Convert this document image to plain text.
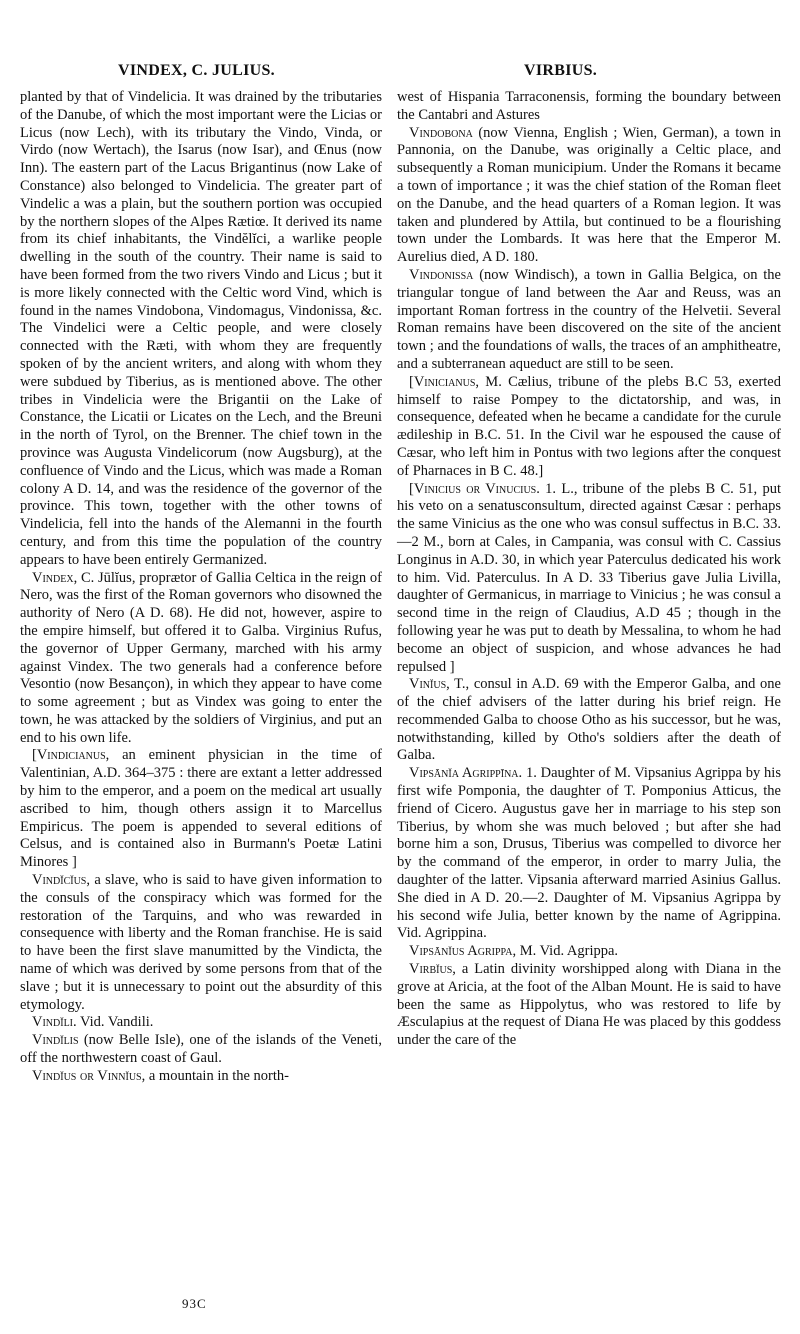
VINDEX, C. JULIUS.	VIRBIUS.

planted by that of Vindelicia. It was drained by the tributaries of the Danube, of which the most important were the Licias or Licus (now Lech), with its tributary the Vindo, Vinda, or Virdo (now Wertach), the Isarus (now Isar), and Œnus (now Inn). The eastern part of the Lacus Brigantinus (now Lake of Constance) also belonged to Vindelicia. The greater part of Vindelic a was a plain, but the southern portion was occupied by the northern slopes of the Alpes Rætiœ. It derived its name from its chief inhabitants, the Vindĕlĭci, a warlike people dwelling in the south of the country. Their name is said to have been formed from the two rivers Vindo and Licus ; but it is more likely connected with the Celtic word Vind, which is found in the names Vindobona, Vindomagus, Vindonissa, &c. The Vindelici were a Celtic people, and were closely connected with the Ræti, with whom they are frequently spoken of by the ancient writers, and along with whom they were subdued by Tiberius, as is mentioned above. The other tribes in Vindelicia were the Brigantii on the Lake of Constance, the Licatii or Licates on the Lech, and the Breuni in the north of Tyrol, on the Brenner. The chief town in the province was Augusta Vindelicorum (now Augsburg), at the confluence of Vindo and the Licus, which was made a Roman colony A D. 14, and was the residence of the governor of the province. This town, together with the other towns of Vindelicia, fell into the hands of the Alemanni in the fourth century, and from this time the population of the country appears to have been entirely Germanized.

Vindex, C. Jūlĭus, proprætor of Gallia Celtica in the reign of Nero, was the first of the Roman governors who disowned the authority of Nero (A D. 68). He did not, however, aspire to the empire himself, but offered it to Galba. Virginius Rufus, the governor of Upper Germany, marched with his army against Vindex. The two generals had a conference before Vesontio (now Besançon), in which they appear to have come to some agreement ; but as Vindex was going to enter the town, he was attacked by the soldiers of Virginius, and put an end to his own life.

[Vindicianus, an eminent physician in the time of Valentinian, A.D. 364–375 : there are extant a letter addressed by him to the emperor, and a poem on the medical art usually ascribed to him, though others assign it to Marcellus Empiricus. The poem is appended to several editions of Celsus, and is contained also in Burmann's Poetæ Latini Minores ]

Vindĭcĭus, a slave, who is said to have given information to the consuls of the conspiracy which was formed for the restoration of the Tarquins, and who was rewarded in consequence with liberty and the Roman franchise. He is said to have been the first slave manumitted by the Vindicta, the name of which was derived by some persons from that of the slave ; but it is unnecessary to point out the absurdity of this etymology.

Vindĭli. Vid. Vandili.

Vindĭlis (now Belle Isle), one of the islands of the Veneti, off the northwestern coast of Gaul.

Vindĭus or Vinnĭus, a mountain in the north-

west of Hispania Tarraconensis, forming the boundary between the Cantabri and Astures

Vindobona (now Vienna, English ; Wien, German), a town in Pannonia, on the Danube, was originally a Celtic place, and subsequently a Roman municipium. Under the Romans it became a town of importance ; it was the chief station of the Roman fleet on the Danube, and the head quarters of a Roman legion. It was taken and plundered by Attila, but continued to be a flourishing town under the Lombards. It was here that the Emperor M. Aurelius died, A D. 180.

Vindonissa (now Windisch), a town in Gallia Belgica, on the triangular tongue of land between the Aar and Reuss, was an important Roman fortress in the country of the Helvetii. Several Roman remains have been discovered on the site of the ancient town ; and the foundations of walls, the traces of an amphitheatre, and a subterranean aqueduct are still to be seen.

[Vinicianus, M. Cælius, tribune of the plebs B.C 53, exerted himself to raise Pompey to the dictatorship, and was, in consequence, defeated when he became a candidate for the curule ædileship in B.C. 51. In the Civil war he espoused the cause of Cæsar, who left him in Pontus with two legions after the conquest of Pharnaces in B C. 48.]

[Vinicius or Vinucius. 1. L., tribune of the plebs B C. 51, put his veto on a senatusconsultum, directed against Cæsar : perhaps the same Vinicius as the one who was consul suffectus in B.C. 33.—2 M., born at Cales, in Campania, was consul with C. Cassius Longinus in A.D. 30, in which year Paterculus dedicated his work to him. Vid. Paterculus. In A D. 33 Tiberius gave Julia Livilla, daughter of Germanicus, in marriage to Vinicius ; he was consul a second time in the reign of Claudius, A.D 45 ; though in the following year he was put to death by Messalina, to whom he had become an object of suspicion, and whose advances he had repulsed ]

Vinĭus, T., consul in A.D. 69 with the Emperor Galba, and one of the chief advisers of the latter during his brief reign. He recommended Galba to choose Otho as his successor, but he was, notwithstanding, killed by Otho's soldiers after the death of Galba.

Vipsānĭa Agrippīna. 1. Daughter of M. Vipsanius Agrippa by his first wife Pomponia, the daughter of T. Pomponius Atticus, the friend of Cicero. Augustus gave her in marriage to his step son Tiberius, by whom she was much beloved ; but after she had borne him a son, Drusus, Tiberius was compelled to divorce her by the command of the emperor, in order to marry Julia, the daughter of the latter. Vipsania afterward married Asinius Gallus. She died in A D. 20.—2. Daughter of M. Vipsanius Agrippa by his second wife Julia, better known by the name of Agrippina. Vid. Agrippina.

Vipsānĭus Agrippa, M. Vid. Agrippa.

Virbĭus, a Latin divinity worshipped along with Diana in the grove at Aricia, at the foot of the Alban Mount. He is said to have been the same as Hippolytus, who was restored to life by Æsculapius at the request of Diana He was placed by this goddess under the care of the

93C
